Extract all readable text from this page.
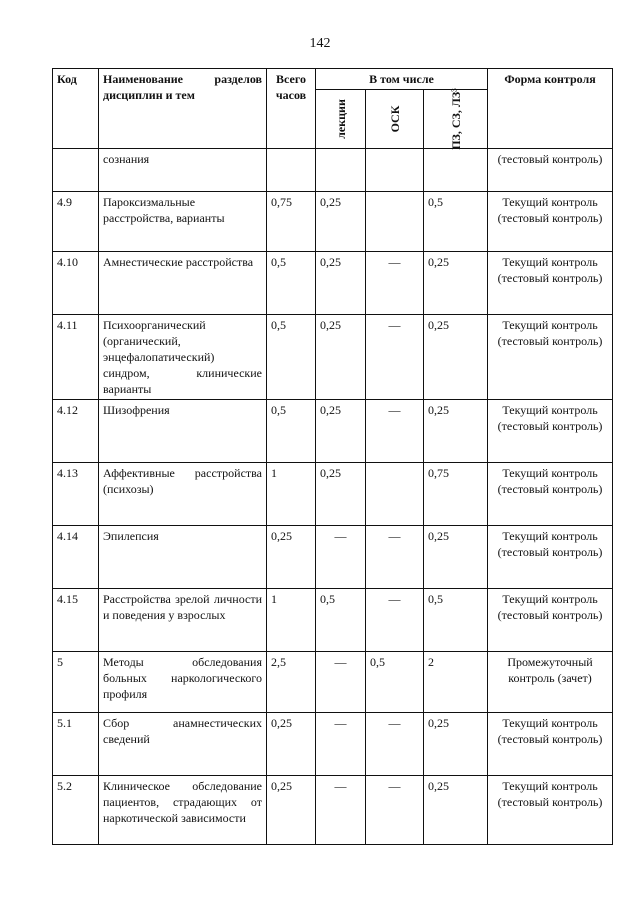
142
Код	Наименование разделов дисциплин и тем	Всего часов	В том числе			Форма контроля

			лекции	ОСК	ПЗ, СЗ, ЛЗ³	

	сознания					(тестовый контроль)
4.9	Пароксизмальные расстройства, варианты	0,75	0,25		0,5	Текущий контроль (тестовый контроль)
4.10	Амнестические расстройства	0,5	0,25	—	0,25	Текущий контроль (тестовый контроль)
4.11	Психоорганический (органический, энцефалопатический) синдром, клинические варианты	0,5	0,25	—	0,25	Текущий контроль (тестовый контроль)
4.12	Шизофрения	0,5	0,25	—	0,25	Текущий контроль (тестовый контроль)
4.13	Аффективные расстройства (психозы)	1	0,25		0,75	Текущий контроль (тестовый контроль)
4.14	Эпилепсия	0,25	—	—	0,25	Текущий контроль (тестовый контроль)
4.15	Расстройства зрелой личности и поведения у взрослых	1	0,5	—	0,5	Текущий контроль (тестовый контроль)
5	Методы обследования больных наркологического профиля	2,5	—	0,5	2	Промежуточный контроль (зачет)
5.1	Сбор анамнестических сведений	0,25	—	—	0,25	Текущий контроль (тестовый контроль)
5.2	Клиническое обследование пациентов, страдающих от наркотической зависимости	0,25	—	—	0,25	Текущий контроль (тестовый контроль)
